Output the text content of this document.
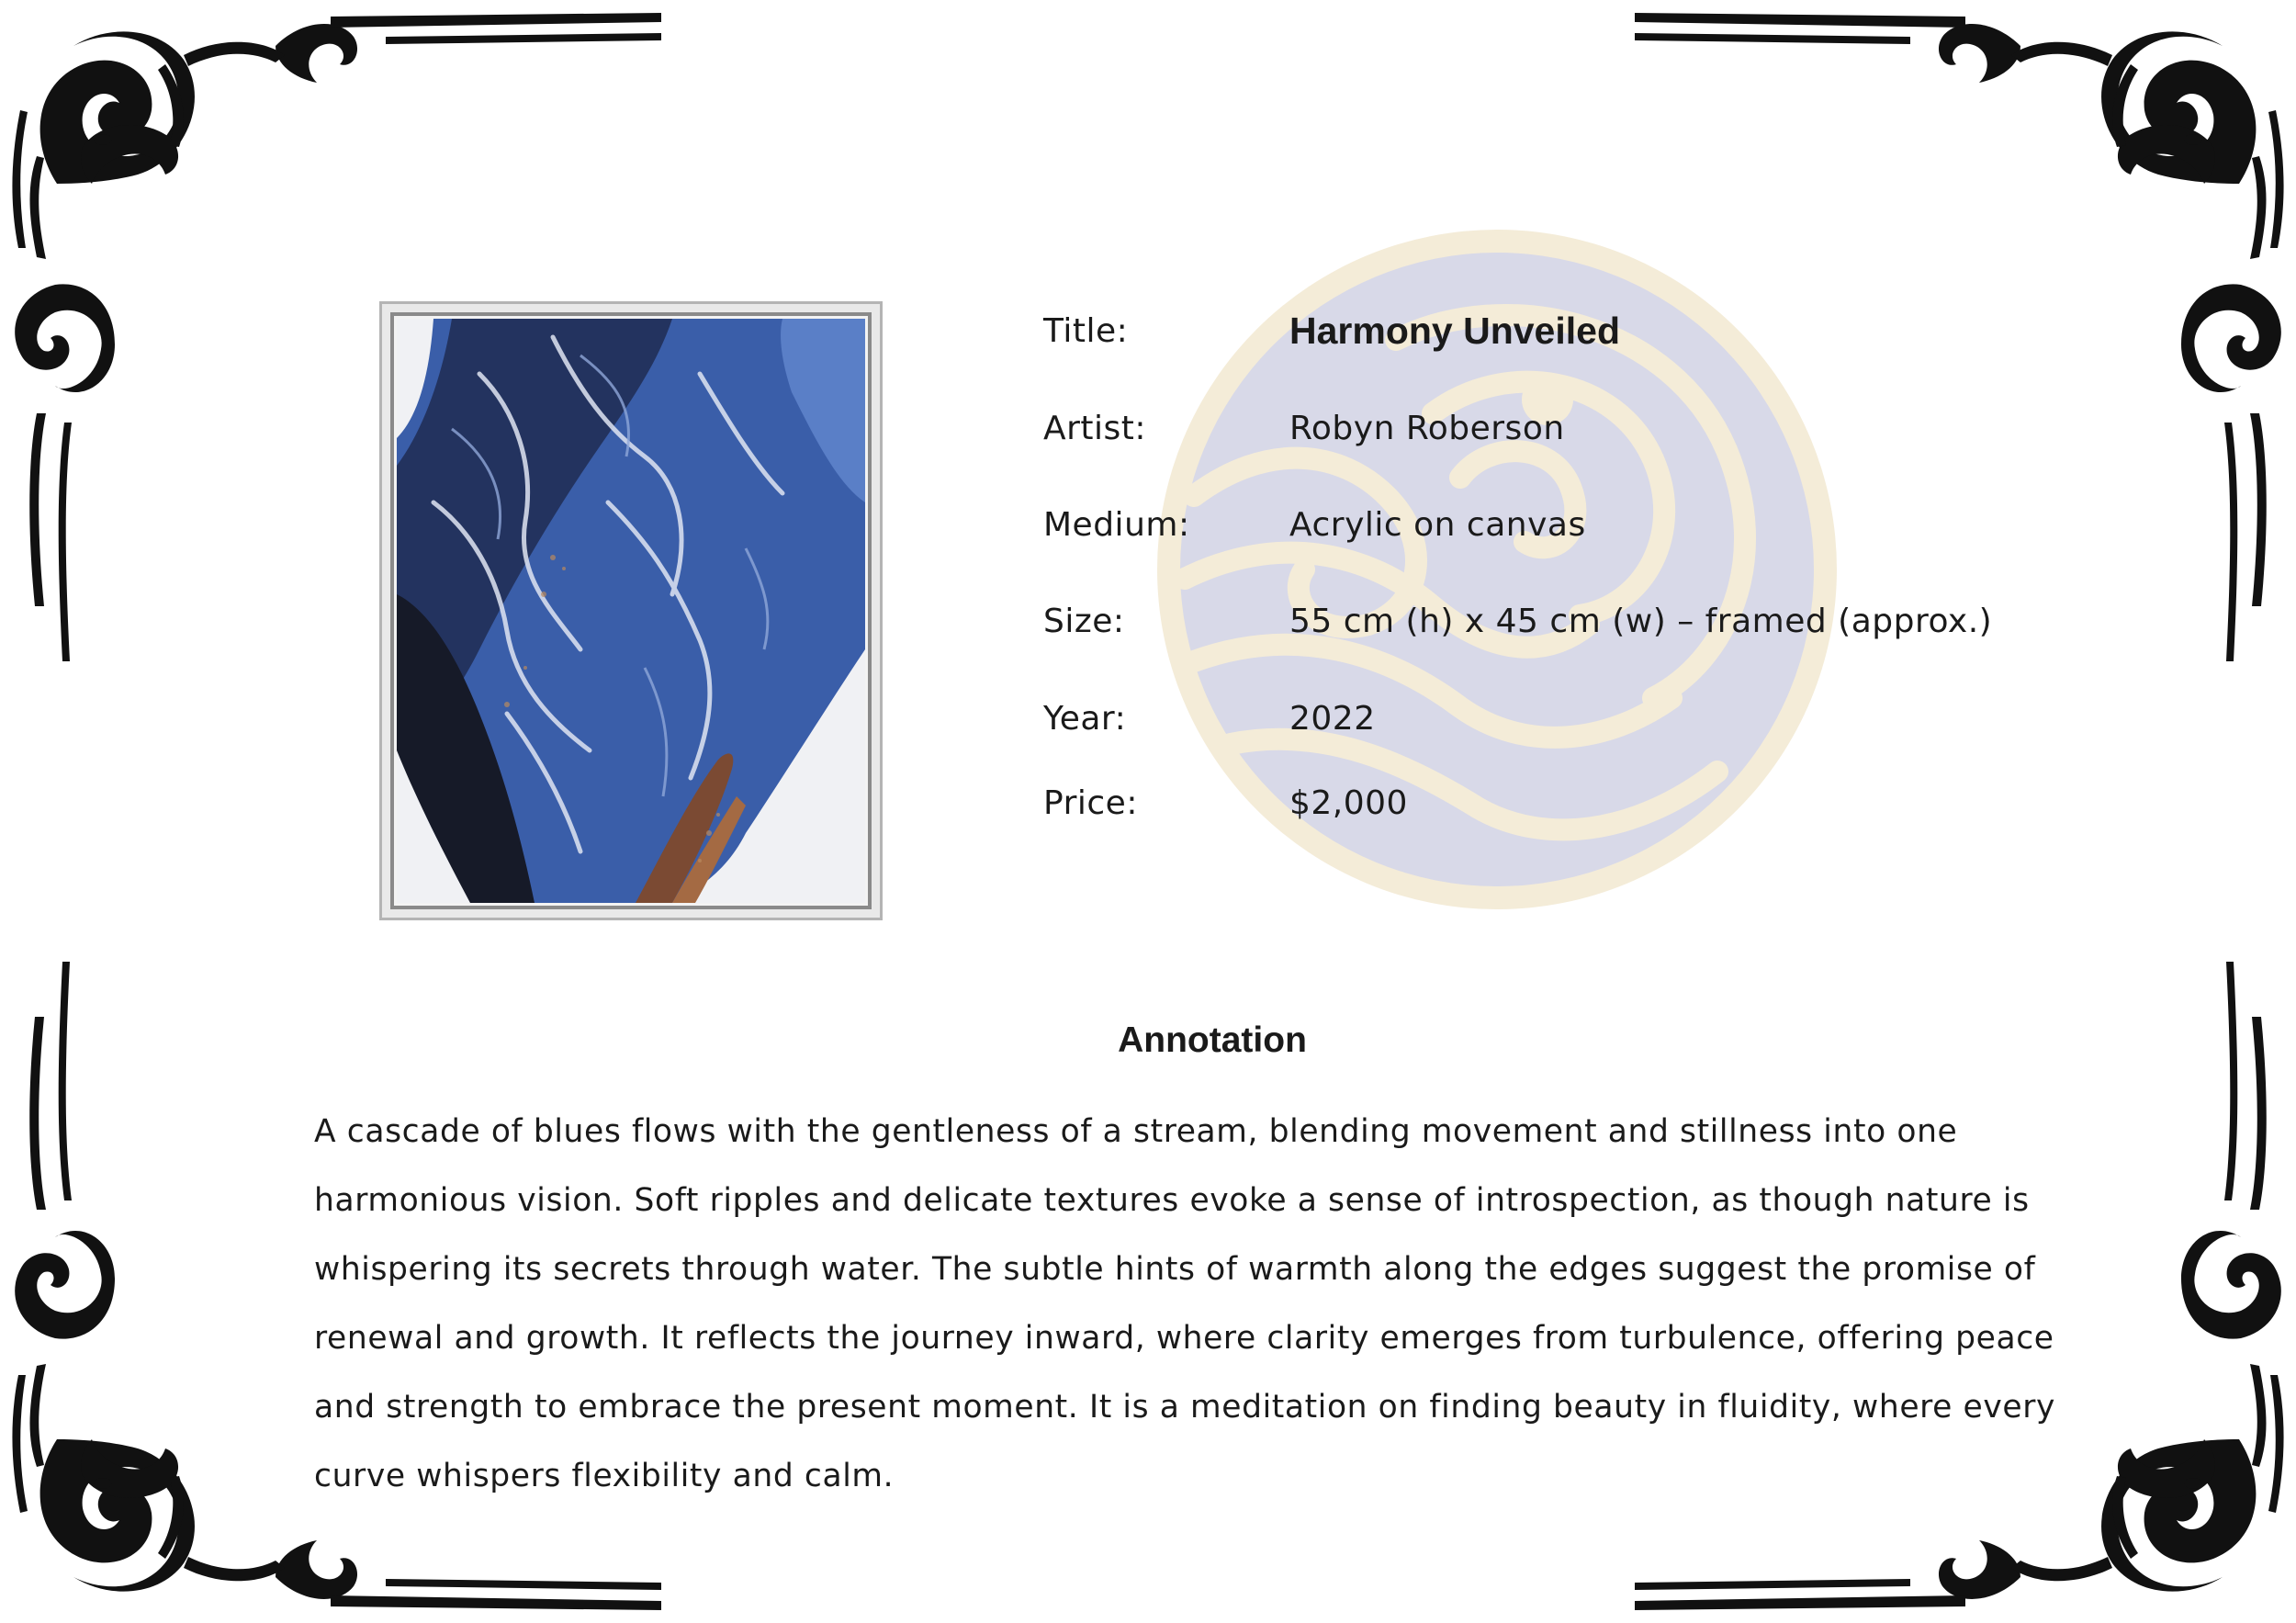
Title:	Harmony Unveiled
Artist:	Robyn Roberson
Medium:	Acrylic on canvas
Size:	55 cm (h) x 45 cm (w) – framed (approx.)
Year:	2022
Price:	$2,000
Annotation
A cascade of blues flows with the gentleness of a stream, blending movement and stillness into one harmonious vision. Soft ripples and delicate textures evoke a sense of introspection, as though nature is whispering its secrets through water. The subtle hints of warmth along the edges suggest the promise of renewal and growth. It reflects the journey inward, where clarity emerges from turbulence, offering peace and strength to embrace the present moment. It is a meditation on finding beauty in fluidity, where every curve whispers flexibility and calm.
